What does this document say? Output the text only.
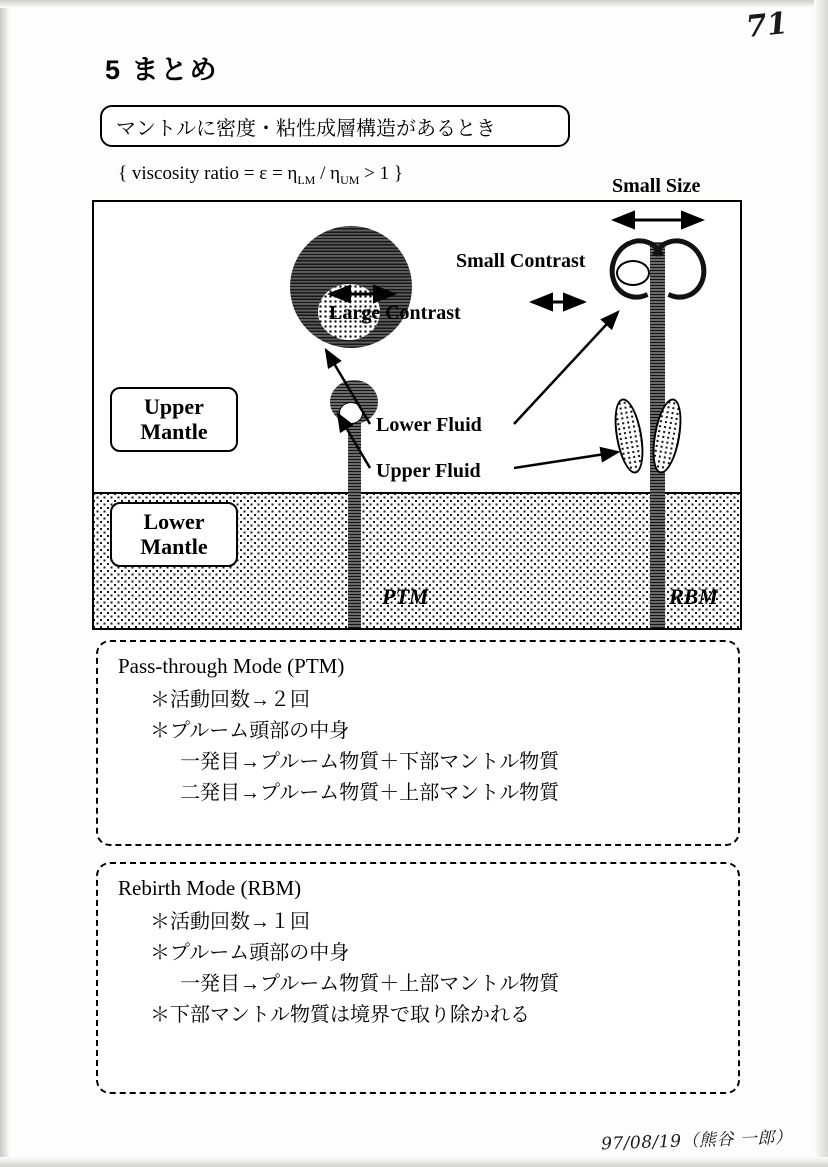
71
5 まとめ
マントルに密度・粘性成層構造があるとき
{ viscosity ratio = $\varepsilon = \eta_{LM} / \eta_{UM} > 1$ }
Small Size
Upper
Mantle
Lower
Mantle
Large Contrast
Small Contrast
Lower Fluid
Upper Fluid
PTM	RBM
Pass-through Mode (PTM)
＊活動回数→２回
＊プルーム頭部の中身
一発目→プルーム物質＋下部マントル物質
二発目→プルーム物質＋上部マントル物質
Rebirth Mode (RBM)
＊活動回数→１回
＊プルーム頭部の中身
一発目→プルーム物質＋上部マントル物質
＊下部マントル物質は境界で取り除かれる
97/08/19（熊谷 一郎）
